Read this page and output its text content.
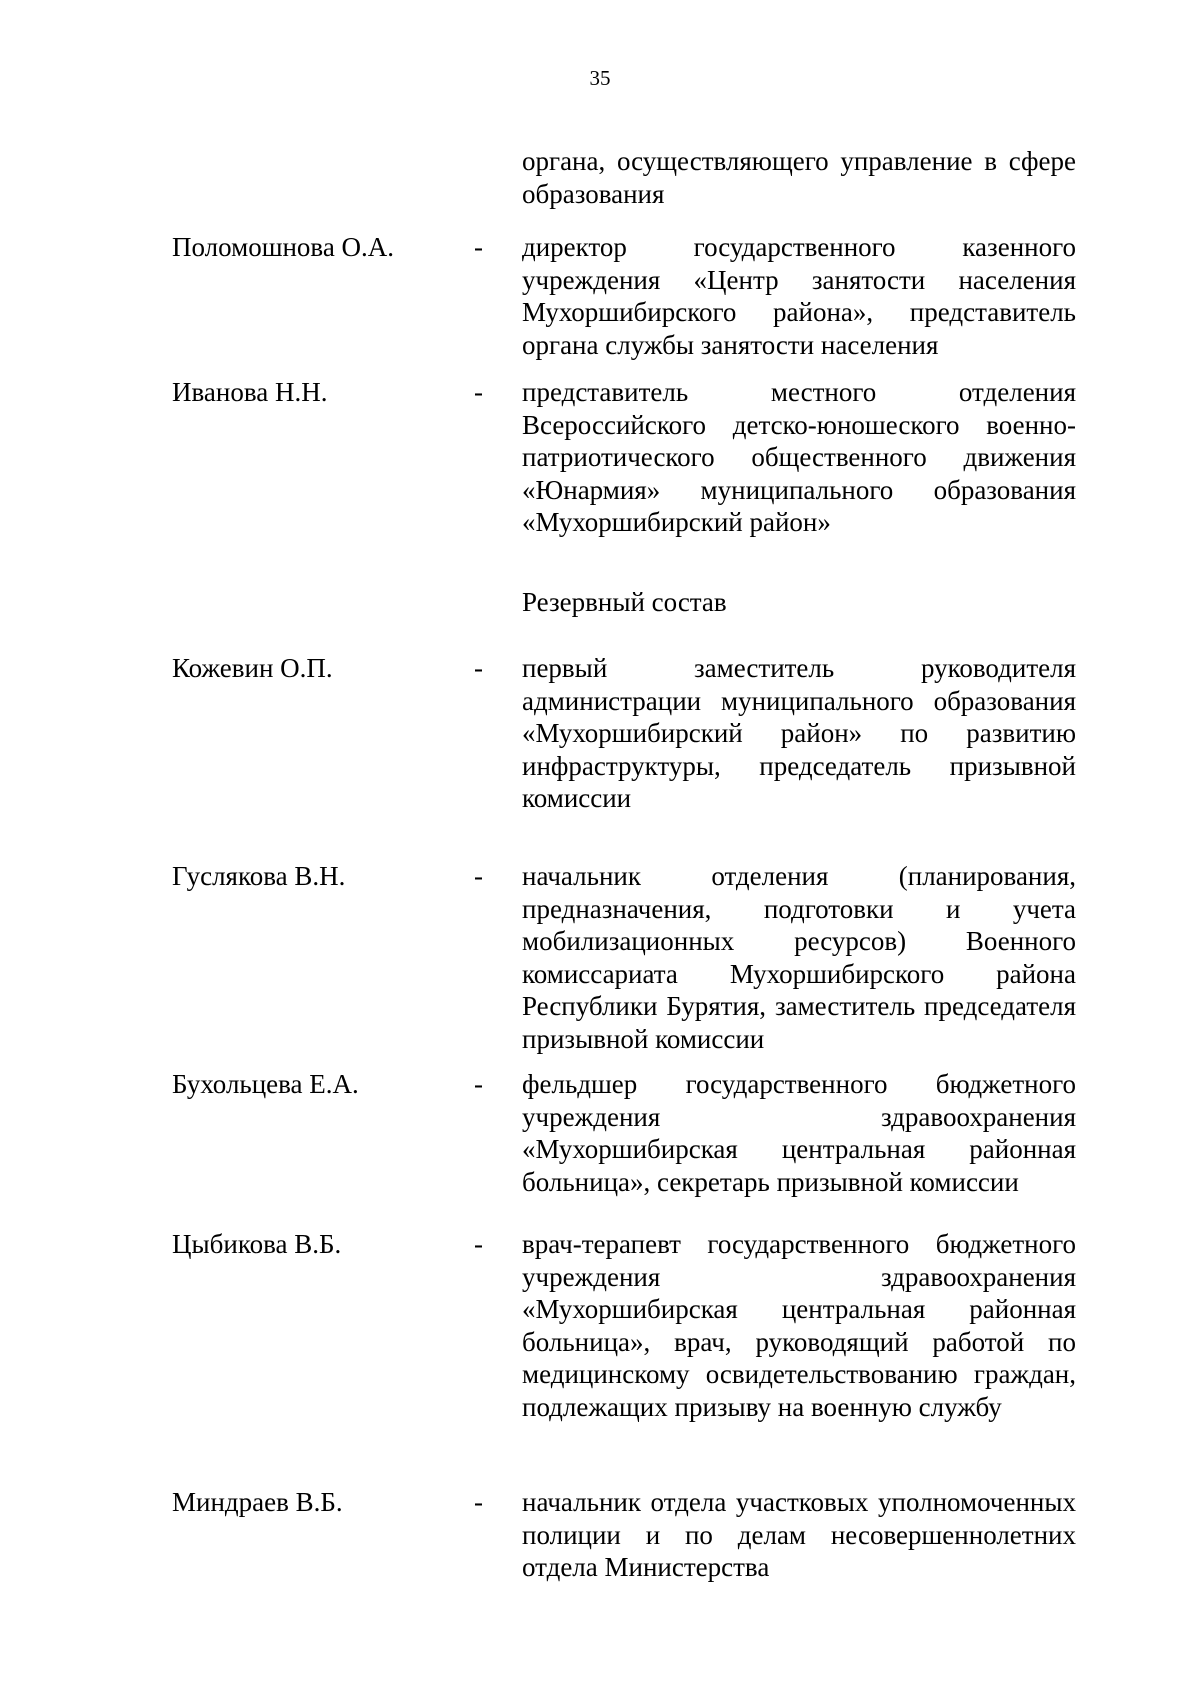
35
органа, осуществляющего управление в сфере образования
Поломошнова О.А.	- директор государственного казенного учреждения «Центр занятости населения Мухоршибирского района», представитель органа службы занятости населения
Иванова Н.Н.	- представитель местного отделения Всероссийского детско-юношеского военно-патриотического общественного движения «Юнармия» муниципального образования «Мухоршибирский район»
Резервный состав
Кожевин О.П.	- первый заместитель руководителя администрации муниципального образования «Мухоршибирский район» по развитию инфраструктуры, председатель призывной комиссии
Гуслякова В.Н.	- начальник отделения (планирования, предназначения, подготовки и учета мобилизационных ресурсов) Военного комиссариата Мухоршибирского района Республики Бурятия, заместитель председателя призывной комиссии
Бухольцева Е.А.	- фельдшер государственного бюджетного учреждения здравоохранения «Мухоршибирская центральная районная больница», секретарь призывной комиссии
Цыбикова В.Б.	- врач-терапевт государственного бюджетного учреждения здравоохранения «Мухоршибирская центральная районная больница», врач, руководящий работой по медицинскому освидетельствованию граждан, подлежащих призыву на военную службу
Миндраев В.Б.	- начальник отдела участковых уполномоченных полиции и по делам несовершеннолетних отдела Министерства
